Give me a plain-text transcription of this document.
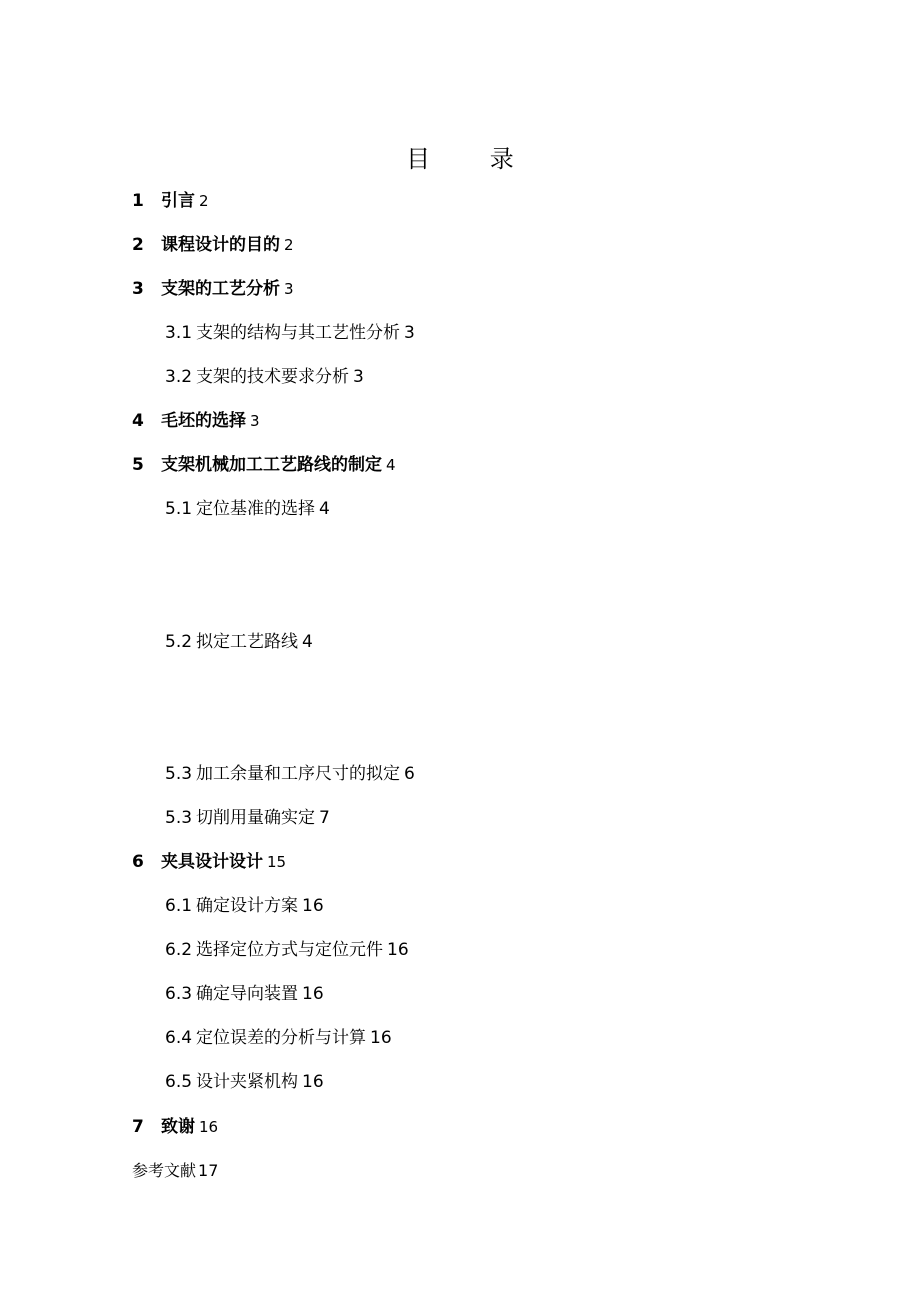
目 录
1 引言 2
2 课程设计的目的 2
3 支架的工艺分析 3
3.1 支架的结构与其工艺性分析 3
3.2 支架的技术要求分析 3
4 毛坯的选择 3
5 支架机械加工工艺路线的制定 4
5.1 定位基准的选择 4
5.2 拟定工艺路线 4
5.3 加工余量和工序尺寸的拟定 6
5.3 切削用量确实定 7
6 夹具设计设计 15
6.1 确定设计方案 16
6.2 选择定位方式与定位元件 16
6.3 确定导向装置 16
6.4 定位误差的分析与计算 16
6.5 设计夹紧机构 16
7 致谢 16
参考文献 17
